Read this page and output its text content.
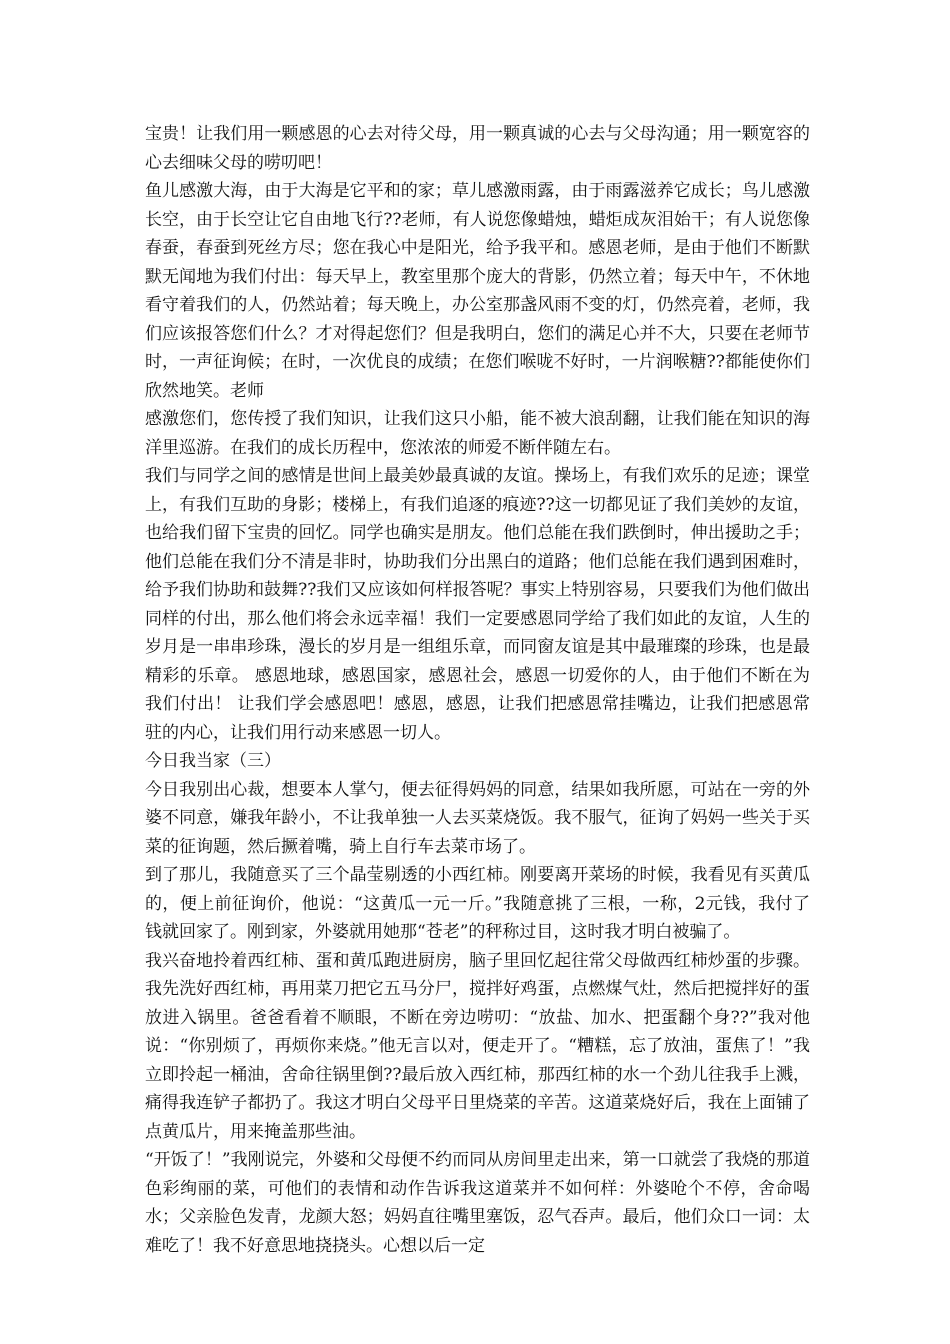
宝贵！让我们用一颗感恩的心去对待父母，用一颗真诚的心去与父母沟通；用一颗宽容的心去细味父母的唠叨吧！

鱼儿感激大海，由于大海是它平和的家；草儿感激雨露，由于雨露滋养它成长；鸟儿感激长空，由于长空让它自由地飞行??老师，有人说您像蜡烛，蜡炬成灰泪始干；有人说您像春蚕，春蚕到死丝方尽；您在我心中是阳光，给予我平和。感恩老师，是由于他们不断默默无闻地为我们付出：每天早上，教室里那个庞大的背影，仍然立着；每天中午，不休地看守着我们的人，仍然站着；每天晚上，办公室那盏风雨不变的灯，仍然亮着，老师，我们应该报答您们什么？才对得起您们？但是我明白，您们的满足心并不大，只要在老师节时，一声征询候；在时，一次优良的成绩；在您们喉咙不好时，一片润喉糖??都能使你们欣然地笑。老师

感激您们，您传授了我们知识，让我们这只小船，能不被大浪刮翻，让我们能在知识的海洋里巡游。在我们的成长历程中，您浓浓的师爱不断伴随左右。

我们与同学之间的感情是世间上最美妙最真诚的友谊。操场上，有我们欢乐的足迹；课堂上，有我们互助的身影；楼梯上，有我们追逐的痕迹??这一切都见证了我们美妙的友谊，也给我们留下宝贵的回忆。同学也确实是朋友。他们总能在我们跌倒时，伸出援助之手；他们总能在我们分不清是非时，协助我们分出黑白的道路；他们总能在我们遇到困难时，给予我们协助和鼓舞??我们又应该如何样报答呢？事实上特别容易，只要我们为他们做出同样的付出，那么他们将会永远幸福！我们一定要感恩同学给了我们如此的友谊，人生的岁月是一串串珍珠，漫长的岁月是一组组乐章，而同窗友谊是其中最璀璨的珍珠，也是最精彩的乐章。 感恩地球，感恩国家，感恩社会，感恩一切爱你的人，由于他们不断在为我们付出！ 让我们学会感恩吧！感恩，感恩，让我们把感恩常挂嘴边，让我们把感恩常驻的内心，让我们用行动来感恩一切人。

今日我当家（三）

今日我别出心裁，想要本人掌勺，便去征得妈妈的同意，结果如我所愿，可站在一旁的外婆不同意，嫌我年龄小，不让我单独一人去买菜烧饭。我不服气，征询了妈妈一些关于买菜的征询题，然后撅着嘴，骑上自行车去菜市场了。

到了那儿，我随意买了三个晶莹剔透的小西红柿。刚要离开菜场的时候，我看见有买黄瓜的，便上前征询价，他说：“这黄瓜一元一斤。”我随意挑了三根，一称，2元钱，我付了钱就回家了。刚到家，外婆就用她那“苍老”的秤称过目，这时我才明白被骗了。

我兴奋地拎着西红柿、蛋和黄瓜跑进厨房，脑子里回忆起往常父母做西红柿炒蛋的步骤。我先洗好西红柿，再用菜刀把它五马分尸，搅拌好鸡蛋，点燃煤气灶，然后把搅拌好的蛋放进入锅里。爸爸看着不顺眼，不断在旁边唠叨：“放盐、加水、把蛋翻个身??”我对他说：“你别烦了，再烦你来烧。”他无言以对，便走开了。“糟糕，忘了放油，蛋焦了！”我立即拎起一桶油，舍命往锅里倒??最后放入西红柿，那西红柿的水一个劲儿往我手上溅，痛得我连铲子都扔了。我这才明白父母平日里烧菜的辛苦。这道菜烧好后，我在上面铺了点黄瓜片，用来掩盖那些油。

“开饭了！”我刚说完，外婆和父母便不约而同从房间里走出来，第一口就尝了我烧的那道色彩绚丽的菜，可他们的表情和动作告诉我这道菜并不如何样：外婆呛个不停，舍命喝水；父亲脸色发青，龙颜大怒；妈妈直往嘴里塞饭，忍气吞声。最后，他们众口一词：太难吃了！我不好意思地挠挠头。心想以后一定
